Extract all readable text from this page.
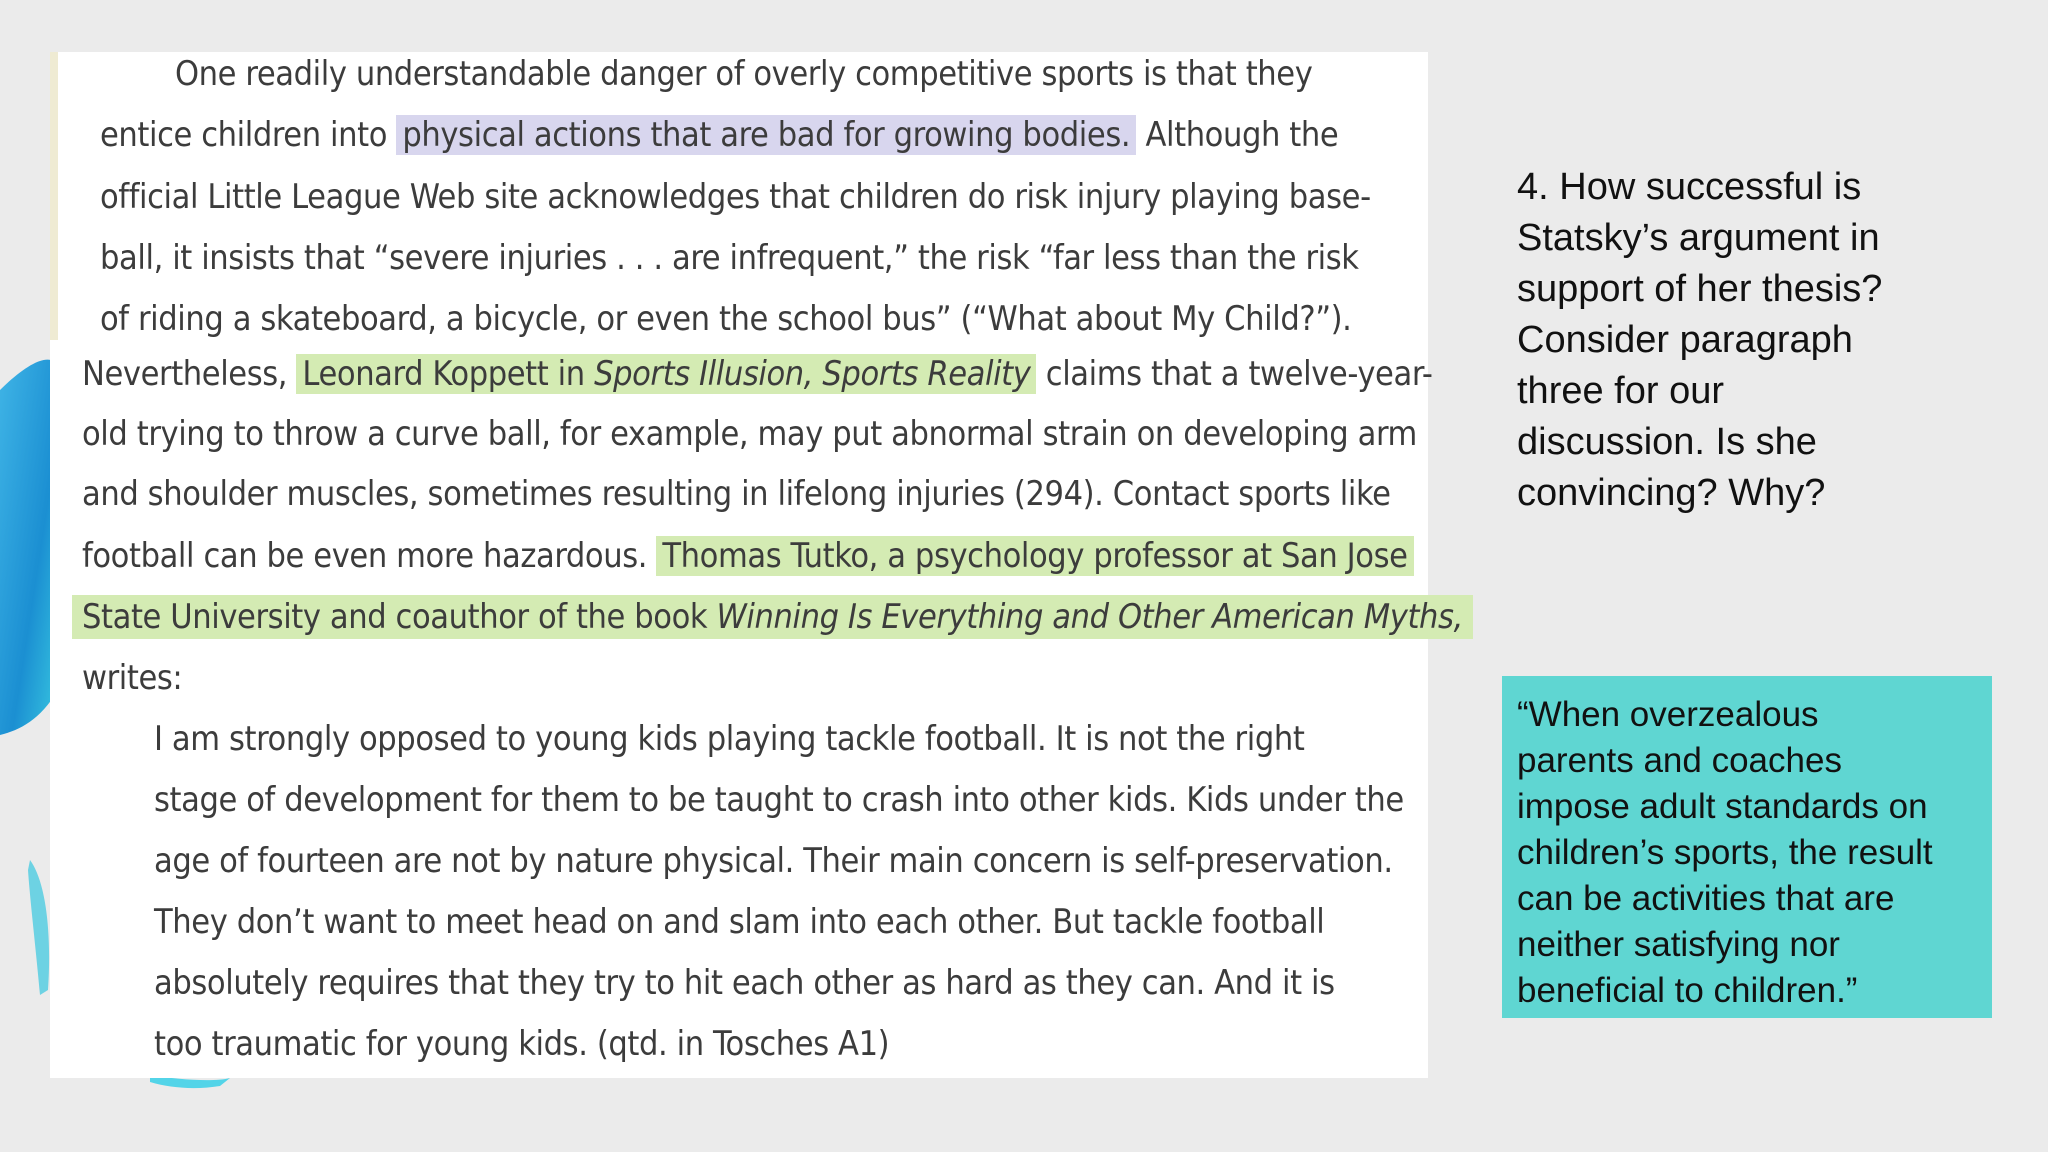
One readily understandable danger of overly competitive sports is that they
entice children into physical actions that are bad for growing bodies. Although the
official Little League Web site acknowledges that children do risk injury playing base-
ball, it insists that “severe injuries . . . are infrequent,” the risk “far less than the risk
of riding a skateboard, a bicycle, or even the school bus” (“What about My Child?”).
Nevertheless, Leonard Koppett in Sports Illusion, Sports Reality claims that a twelve-year-
old trying to throw a curve ball, for example, may put abnormal strain on developing arm
and shoulder muscles, sometimes resulting in lifelong injuries (294). Contact sports like
football can be even more hazardous. Thomas Tutko, a psychology professor at San Jose
State University and coauthor of the book Winning Is Everything and Other American Myths,
writes:
I am strongly opposed to young kids playing tackle football. It is not the right
stage of development for them to be taught to crash into other kids. Kids under the
age of fourteen are not by nature physical. Their main concern is self-preservation.
They don’t want to meet head on and slam into each other. But tackle football
absolutely requires that they try to hit each other as hard as they can. And it is
too traumatic for young kids. (qtd. in Tosches A1)
4. How successful is
Statsky’s argument in
support of her thesis?
Consider paragraph
three for our
discussion. Is she
convincing? Why?
“When overzealous
parents and coaches
impose adult standards on
children’s sports, the result
can be activities that are
neither satisfying nor
beneficial to children.”
